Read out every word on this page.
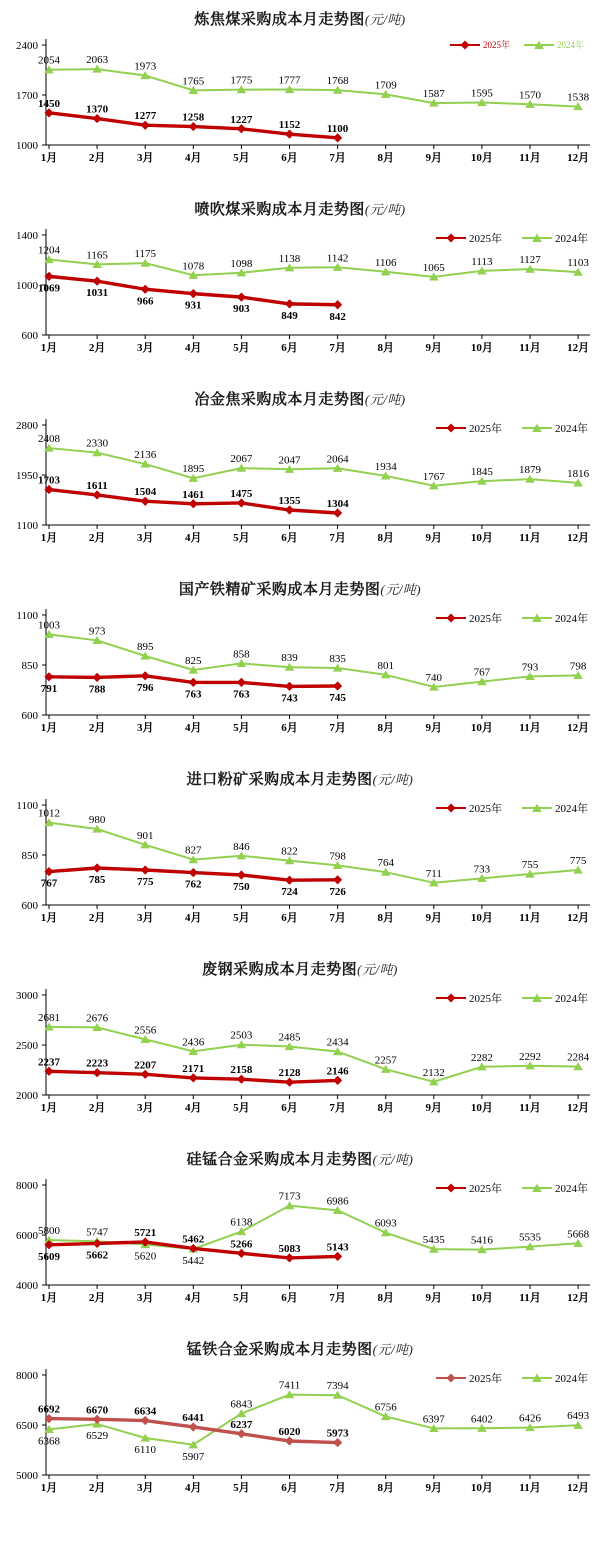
炼焦煤采购成本月走势图(元/吨)
2025年	2024年
2400
1700
1000
1月	2月	3月	4月	5月	6月	7月	8月	9月	10月 11月 12月
2054 2063
1973
1765 1775 1777 1768 1709
1587 1595 1570 1538
1450 1370
1277 1258 1227 1152 1100
喷吹煤采购成本月走势图(元/吨)
2025年	2024年
1400
1000
600
1月	2月	3月	4月	5月	6月	7月	8月	9月	10月 11月 12月
1204 1165 1175
1078 1098 1138 1142 1106 1065 1113 1127 1103
1069 1031
966	931	903
849	842
冶金焦采购成本月走势图(元/吨)
2025年	2024年
2800
1950
1100
1月	2月	3月	4月	5月	6月	7月	8月	9月	10月 11月 12月
2408 2330
2136
1895
2067 2047 2064
1934
1767 1845 1879 1816
1703 1611
1504 1461 1475
1355 1304
国产铁精矿采购成本月走势图(元/吨)
2025年	2024年
1100
850
600
1月	2月	3月	4月	5月	6月	7月	8月	9月	10月 11月 12月
1003	973
895
825
858	839	835
801
740	767	793	798
791	788	796
763	763	743	745
进口粉矿采购成本月走势图(元/吨)
2025年	2024年
1100
850
600
1月	2月	3月	4月	5月	6月	7月	8月	9月	10月 11月 12月
1012
980
901
827	846	822	798
764
711	733	755	775
767	785	775	762	750	724	726
废钢采购成本月走势图(元/吨)
2025年	2024年
3000
2500
2000
1月	2月	3月	4月	5月	6月	7月	8月	9月	10月 11月 12月
2681 2676
2556
2436
2503 2485 2434
2257
2132
2282 2292 2284
2237 2223 2207 2171 2158 2128 2146
硅锰合金采购成本月走势图(元/吨)
2025年	2024年
8000
6000
4000
1月	2月	3月	4月	5月	6月	7月	8月	9月	10月 11月 12月
5800 5747
5620 5442
6138
7173 6986
6093
5435 5416 5535 5668
5609 5662
5721
5462 5266 5083 5143
锰铁合金采购成本月走势图(元/吨)
2025年	2024年
8000
6500
5000
1月	2月	3月	4月	5月	6月	7月	8月	9月	10月 11月 12月
6368 6529
6110
5907
6843
7411 7394
6756
6397 6402 6426 6493
6692 6670 6634
6441
6237
6020 5973
